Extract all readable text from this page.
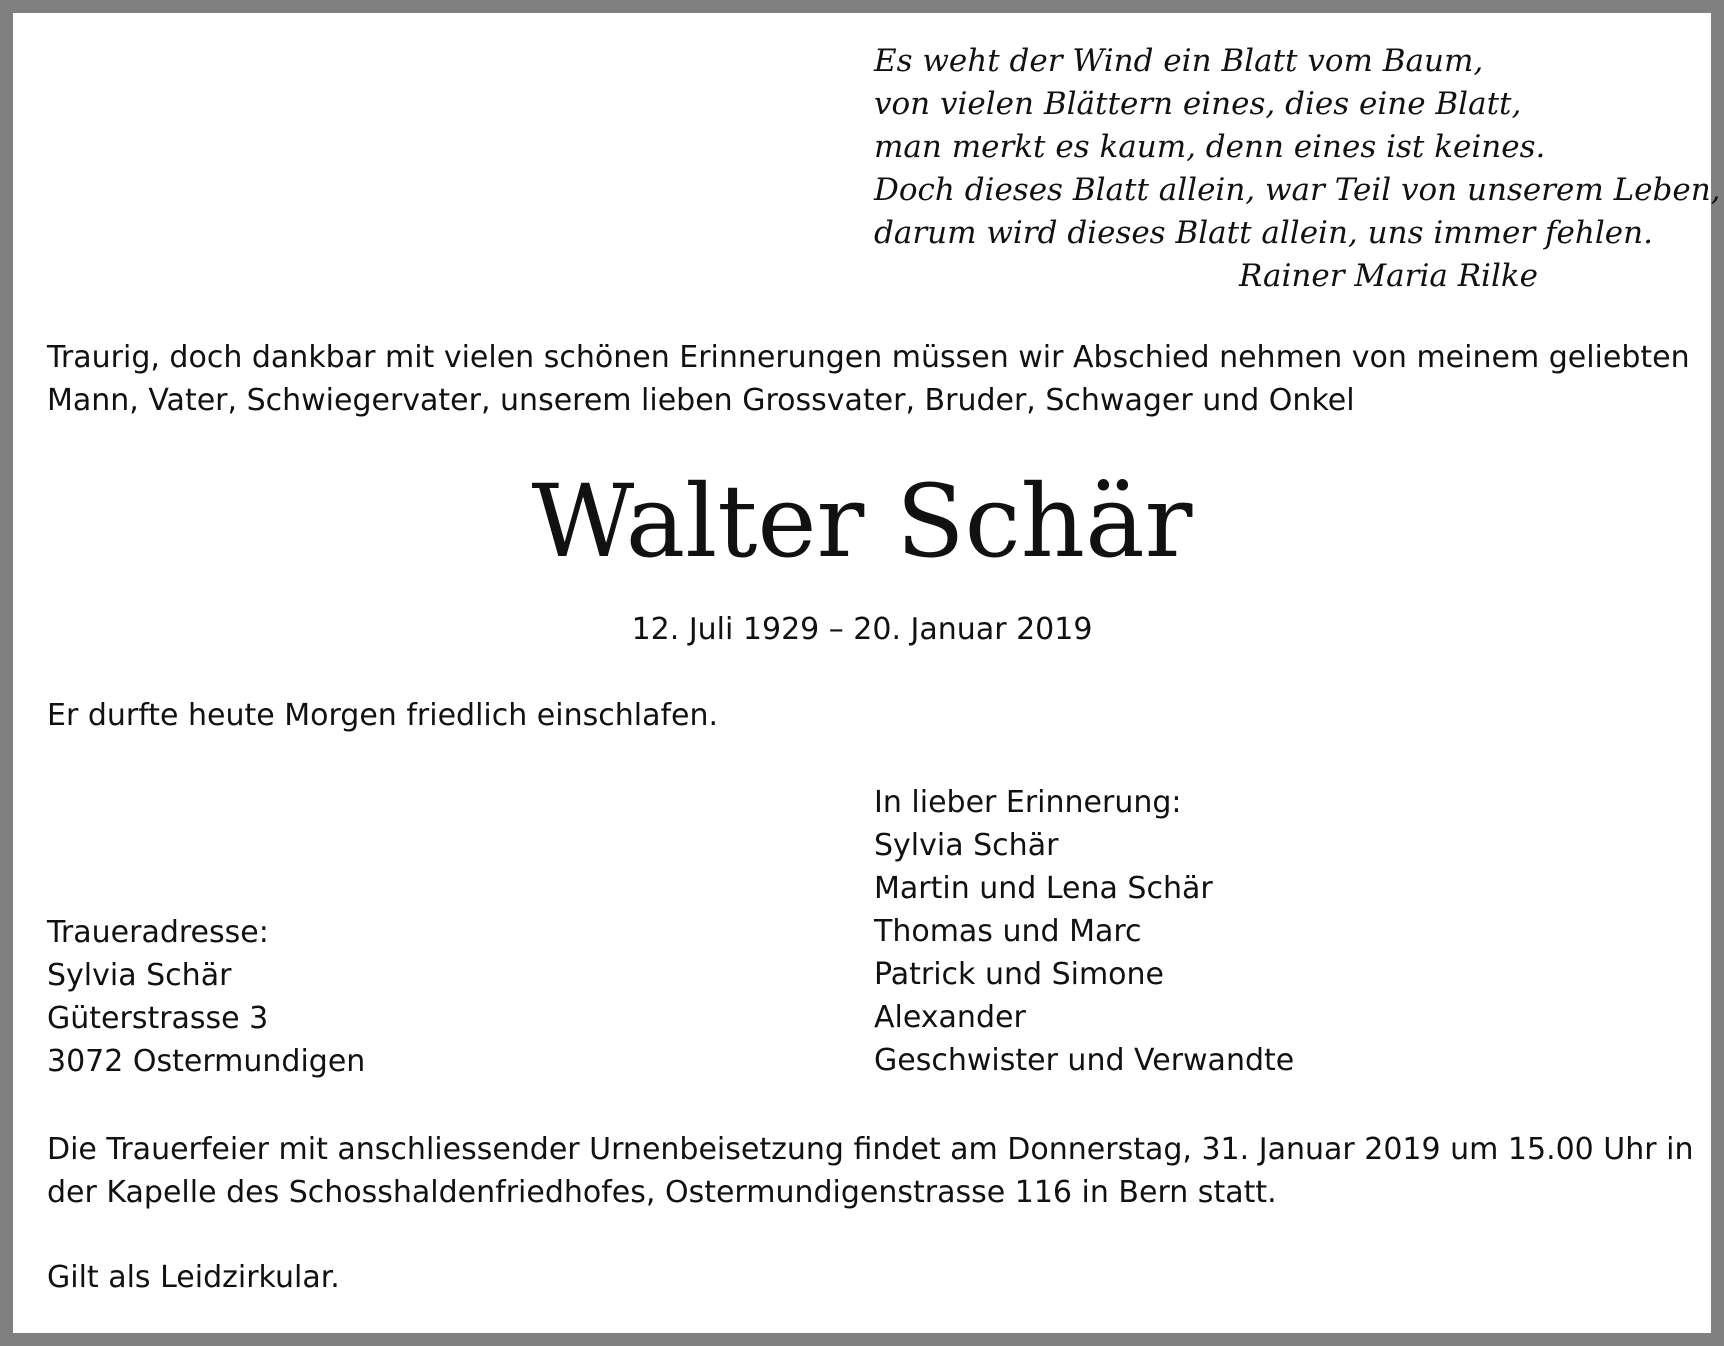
Es weht der Wind ein Blatt vom Baum,
von vielen Blättern eines, dies eine Blatt,
man merkt es kaum, denn eines ist keines.
Doch dieses Blatt allein, war Teil von unserem Leben,
darum wird dieses Blatt allein, uns immer fehlen.
Rainer Maria Rilke
Traurig, doch dankbar mit vielen schönen Erinnerungen müssen wir Abschied nehmen von meinem geliebten
Mann, Vater, Schwiegervater, unserem lieben Grossvater, Bruder, Schwager und Onkel
Walter Schär
12. Juli 1929 – 20. Januar 2019
Er durfte heute Morgen friedlich einschlafen.
In lieber Erinnerung:
Sylvia Schär
Martin und Lena Schär
Thomas und Marc
Patrick und Simone
Alexander
Geschwister und Verwandte
Traueradresse:
Sylvia Schär
Güterstrasse 3
3072 Ostermundigen
Die Trauerfeier mit anschliessender Urnenbeisetzung findet am Donnerstag, 31. Januar 2019 um 15.00 Uhr in
der Kapelle des Schosshaldenfriedhofes, Ostermundigenstrasse 116 in Bern statt.
Gilt als Leidzirkular.
